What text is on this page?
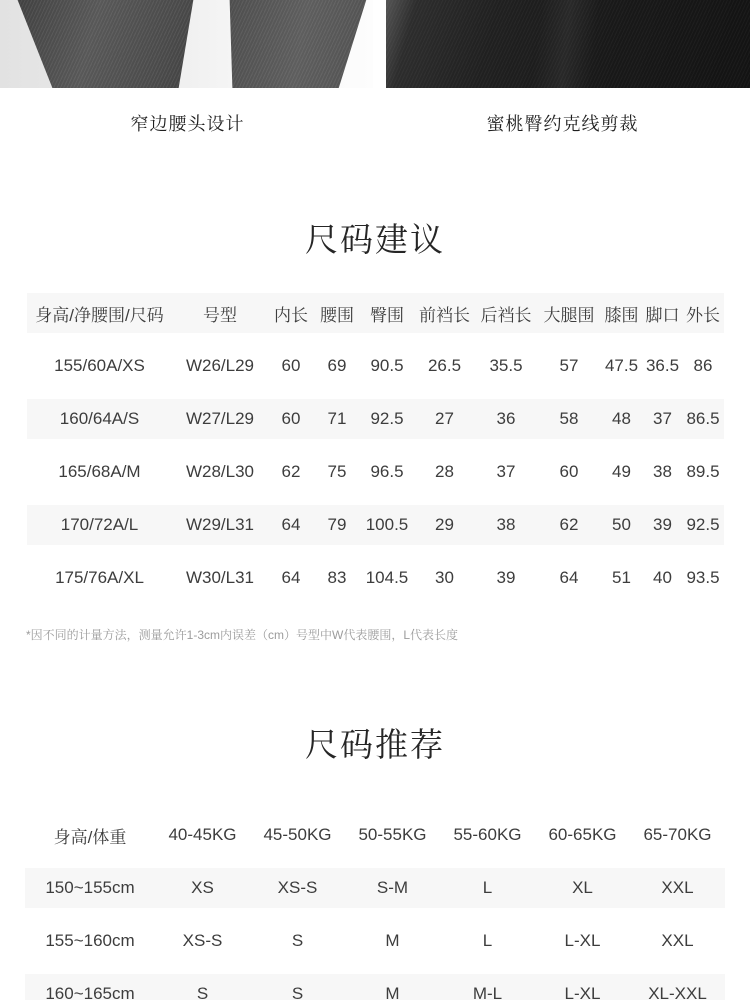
窄边腰头设计	蜜桃臀约克线剪裁
尺码建议
身高/净腰围/尺码	号型	内长	腰围	臀围	前裆长	后裆长	大腿围	膝围	脚口	外长
155/60A/XS	W26/L29	60	69	90.5	26.5	35.5	57	47.5	36.5	86
160/64A/S	W27/L29	60	71	92.5	27	36	58	48	37	86.5
165/68A/M	W28/L30	62	75	96.5	28	37	60	49	38	89.5
170/72A/L	W29/L31	64	79	100.5	29	38	62	50	39	92.5
175/76A/XL	W30/L31	64	83	104.5	30	39	64	51	40	93.5

*因不同的计量方法，测量允许1-3cm内误差（cm）号型中W代表腰围，L代表长度

尺码推荐
身高/体重	40-45KG	45-50KG	50-55KG	55-60KG	60-65KG	65-70KG
150~155cm	XS	XS-S	S-M	L	XL	XXL
155~160cm	XS-S	S	M	L	L-XL	XXL
160~165cm	S	S	M	M-L	L-XL	XL-XXL
